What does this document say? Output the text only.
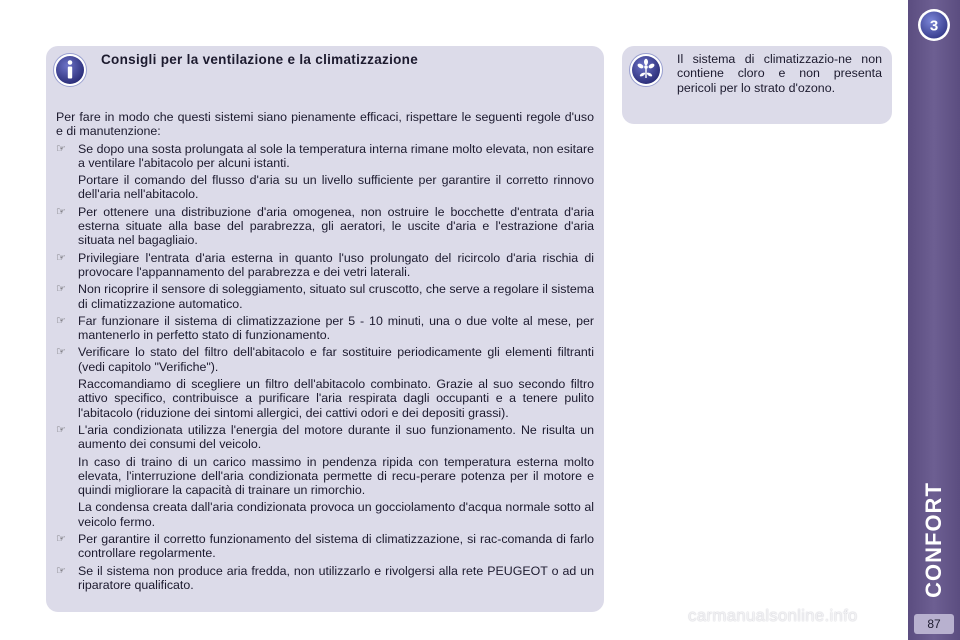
Consigli per la ventilazione e la climatizzazione

Per fare in modo che questi sistemi siano pienamente efficaci, rispettare le seguenti regole d'uso e di manutenzione:

☞ Se dopo una sosta prolungata al sole la temperatura interna rimane molto elevata, non esitare a ventilare l'abitacolo per alcuni istanti.

Portare il comando del flusso d'aria su un livello sufficiente per garantire il corretto rinnovo dell'aria nell'abitacolo.

☞ Per ottenere una distribuzione d'aria omogenea, non ostruire le bocchette d'entrata d'aria esterna situate alla base del parabrezza, gli aeratori, le uscite d'aria e l'estrazione d'aria situata nel bagagliaio.

☞ Privilegiare l'entrata d'aria esterna in quanto l'uso prolungato del ricircolo d'aria rischia di provocare l'appannamento del parabrezza e dei vetri laterali.

☞ Non ricoprire il sensore di soleggiamento, situato sul cruscotto, che serve a regolare il sistema di climatizzazione automatico.

☞ Far funzionare il sistema di climatizzazione per 5 - 10 minuti, una o due volte al mese, per mantenerlo in perfetto stato di funzionamento.

☞ Verificare lo stato del filtro dell'abitacolo e far sostituire periodicamente gli elementi filtranti (vedi capitolo "Verifiche").

Raccomandiamo di scegliere un filtro dell'abitacolo combinato. Grazie al suo secondo filtro attivo specifico, contribuisce a purificare l'aria respirata dagli occupanti e a tenere pulito l'abitacolo (riduzione dei sintomi allergici, dei cattivi odori e dei depositi grassi).

☞ L'aria condizionata utilizza l'energia del motore durante il suo funzionamento. Ne risulta un aumento dei consumi del veicolo.

In caso di traino di un carico massimo in pendenza ripida con temperatura esterna molto elevata, l'interruzione dell'aria condizionata permette di recu-perare potenza per il motore e quindi migliorare la capacità di trainare un rimorchio.

La condensa creata dall'aria condizionata provoca un gocciolamento d'acqua normale sotto al veicolo fermo.

☞ Per garantire il corretto funzionamento del sistema di climatizzazione, si rac-comanda di farlo controllare regolarmente.

☞ Se il sistema non produce aria fredda, non utilizzarlo e rivolgersi alla rete PEUGEOT o ad un riparatore qualificato.

Il sistema di climatizzazio-ne non contiene cloro e non presenta pericoli per lo strato d'ozono.
3
CONFORT
87
carmanualsonline.info
